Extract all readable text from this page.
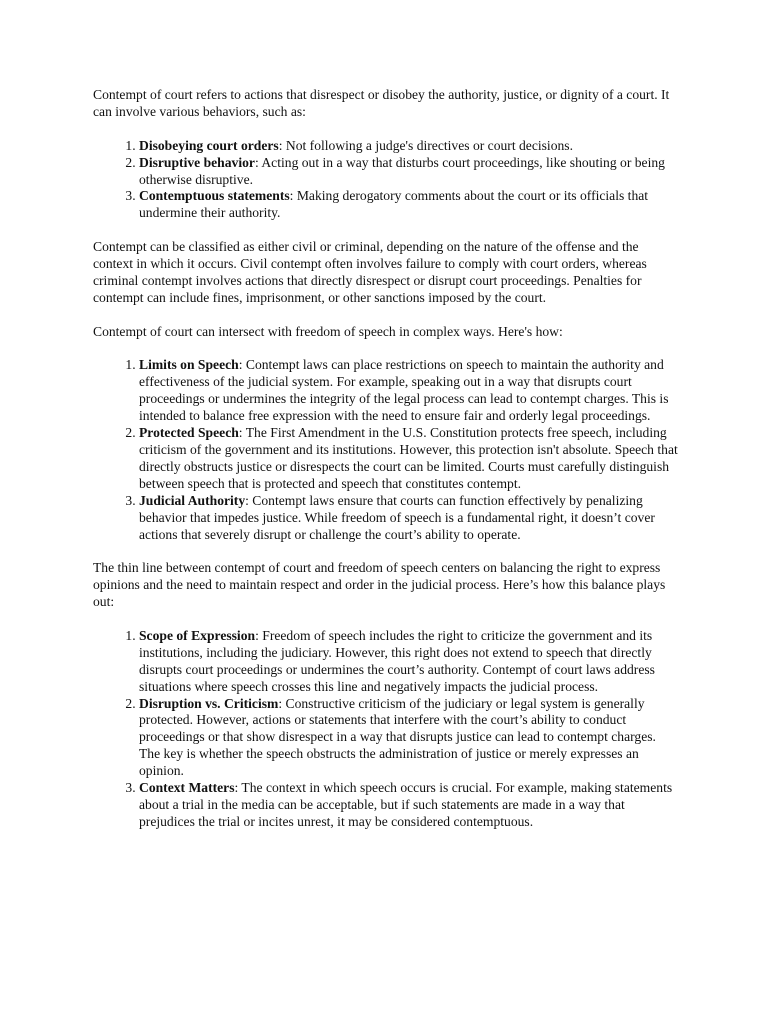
Contempt of court refers to actions that disrespect or disobey the authority, justice, or dignity of a court. It can involve various behaviors, such as:

1. Disobeying court orders: Not following a judge's directives or court decisions.
2. Disruptive behavior: Acting out in a way that disturbs court proceedings, like shouting or being otherwise disruptive.
3. Contemptuous statements: Making derogatory comments about the court or its officials that undermine their authority.

Contempt can be classified as either civil or criminal, depending on the nature of the offense and the context in which it occurs. Civil contempt often involves failure to comply with court orders, whereas criminal contempt involves actions that directly disrespect or disrupt court proceedings. Penalties for contempt can include fines, imprisonment, or other sanctions imposed by the court.

Contempt of court can intersect with freedom of speech in complex ways. Here's how:

1. Limits on Speech: Contempt laws can place restrictions on speech to maintain the authority and effectiveness of the judicial system. For example, speaking out in a way that disrupts court proceedings or undermines the integrity of the legal process can lead to contempt charges. This is intended to balance free expression with the need to ensure fair and orderly legal proceedings.
2. Protected Speech: The First Amendment in the U.S. Constitution protects free speech, including criticism of the government and its institutions. However, this protection isn't absolute. Speech that directly obstructs justice or disrespects the court can be limited. Courts must carefully distinguish between speech that is protected and speech that constitutes contempt.
3. Judicial Authority: Contempt laws ensure that courts can function effectively by penalizing behavior that impedes justice. While freedom of speech is a fundamental right, it doesn’t cover actions that severely disrupt or challenge the court’s ability to operate.

The thin line between contempt of court and freedom of speech centers on balancing the right to express opinions and the need to maintain respect and order in the judicial process. Here’s how this balance plays out:

1. Scope of Expression: Freedom of speech includes the right to criticize the government and its institutions, including the judiciary. However, this right does not extend to speech that directly disrupts court proceedings or undermines the court’s authority. Contempt of court laws address situations where speech crosses this line and negatively impacts the judicial process.
2. Disruption vs. Criticism: Constructive criticism of the judiciary or legal system is generally protected. However, actions or statements that interfere with the court’s ability to conduct proceedings or that show disrespect in a way that disrupts justice can lead to contempt charges. The key is whether the speech obstructs the administration of justice or merely expresses an opinion.
3. Context Matters: The context in which speech occurs is crucial. For example, making statements about a trial in the media can be acceptable, but if such statements are made in a way that prejudices the trial or incites unrest, it may be considered contemptuous.
